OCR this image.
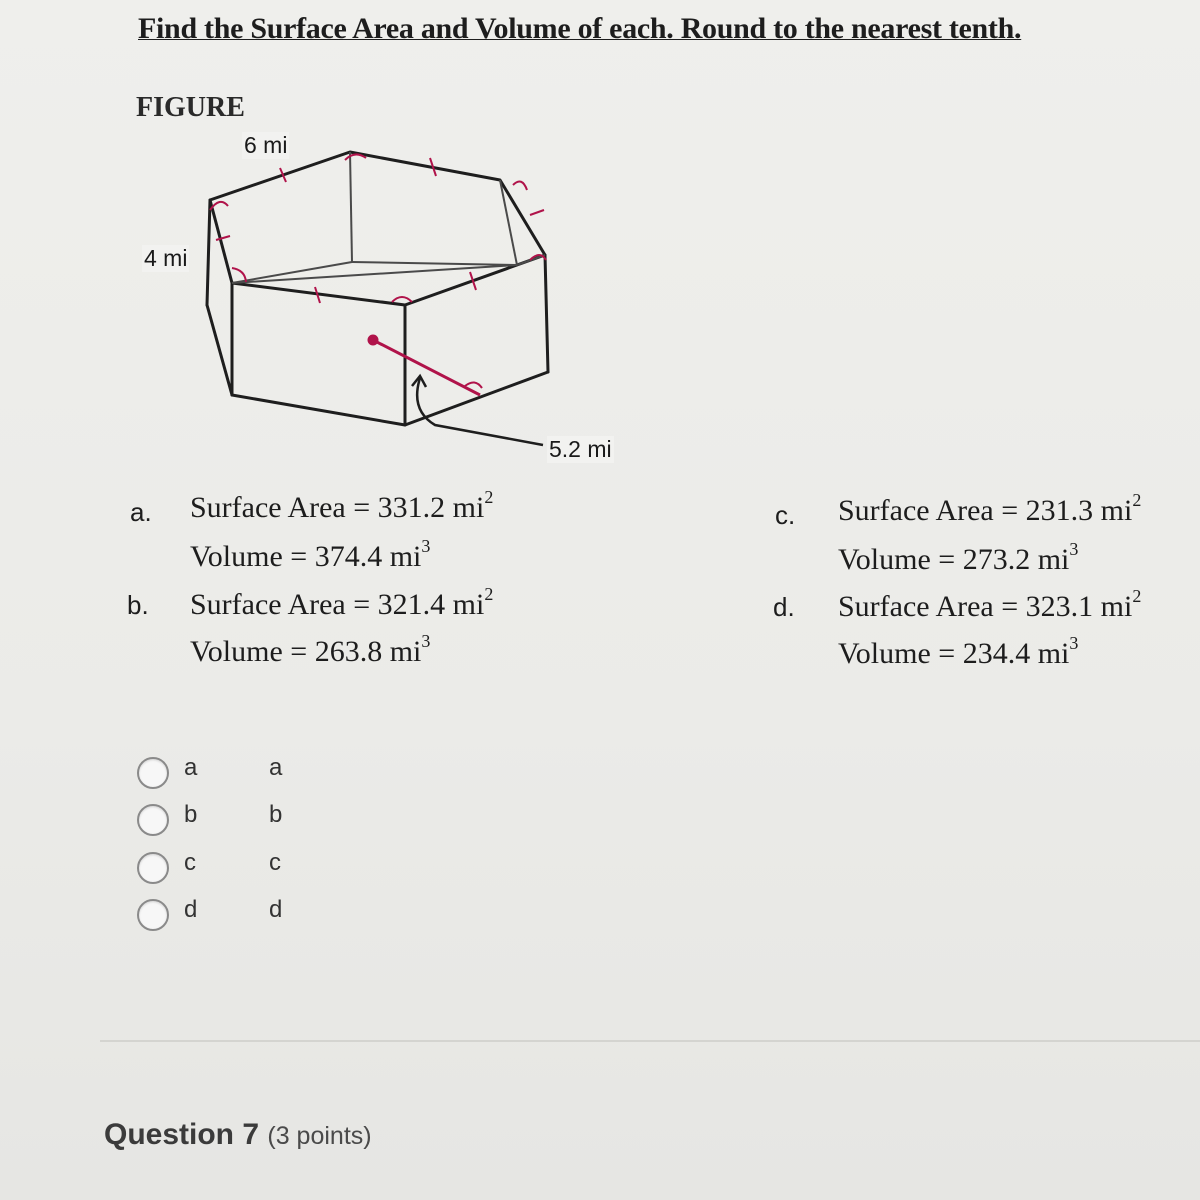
Find the Surface Area and Volume of each. Round to the nearest tenth.
FIGURE
6 mi
4 mi
5.2 mi
a. Surface Area = 331.2 $mi^2$
Volume = 374.4 $mi^3$
b. Surface Area = 321.4 $mi^2$
Volume = 263.8 $mi^3$
c. Surface Area = 231.3 $mi^2$
Volume = 273.2 $mi^3$
d. Surface Area = 323.1 $mi^2$
Volume = 234.4 $mi^3$
a	a
b	b
c	c
d	d
Question 7 (3 points)
